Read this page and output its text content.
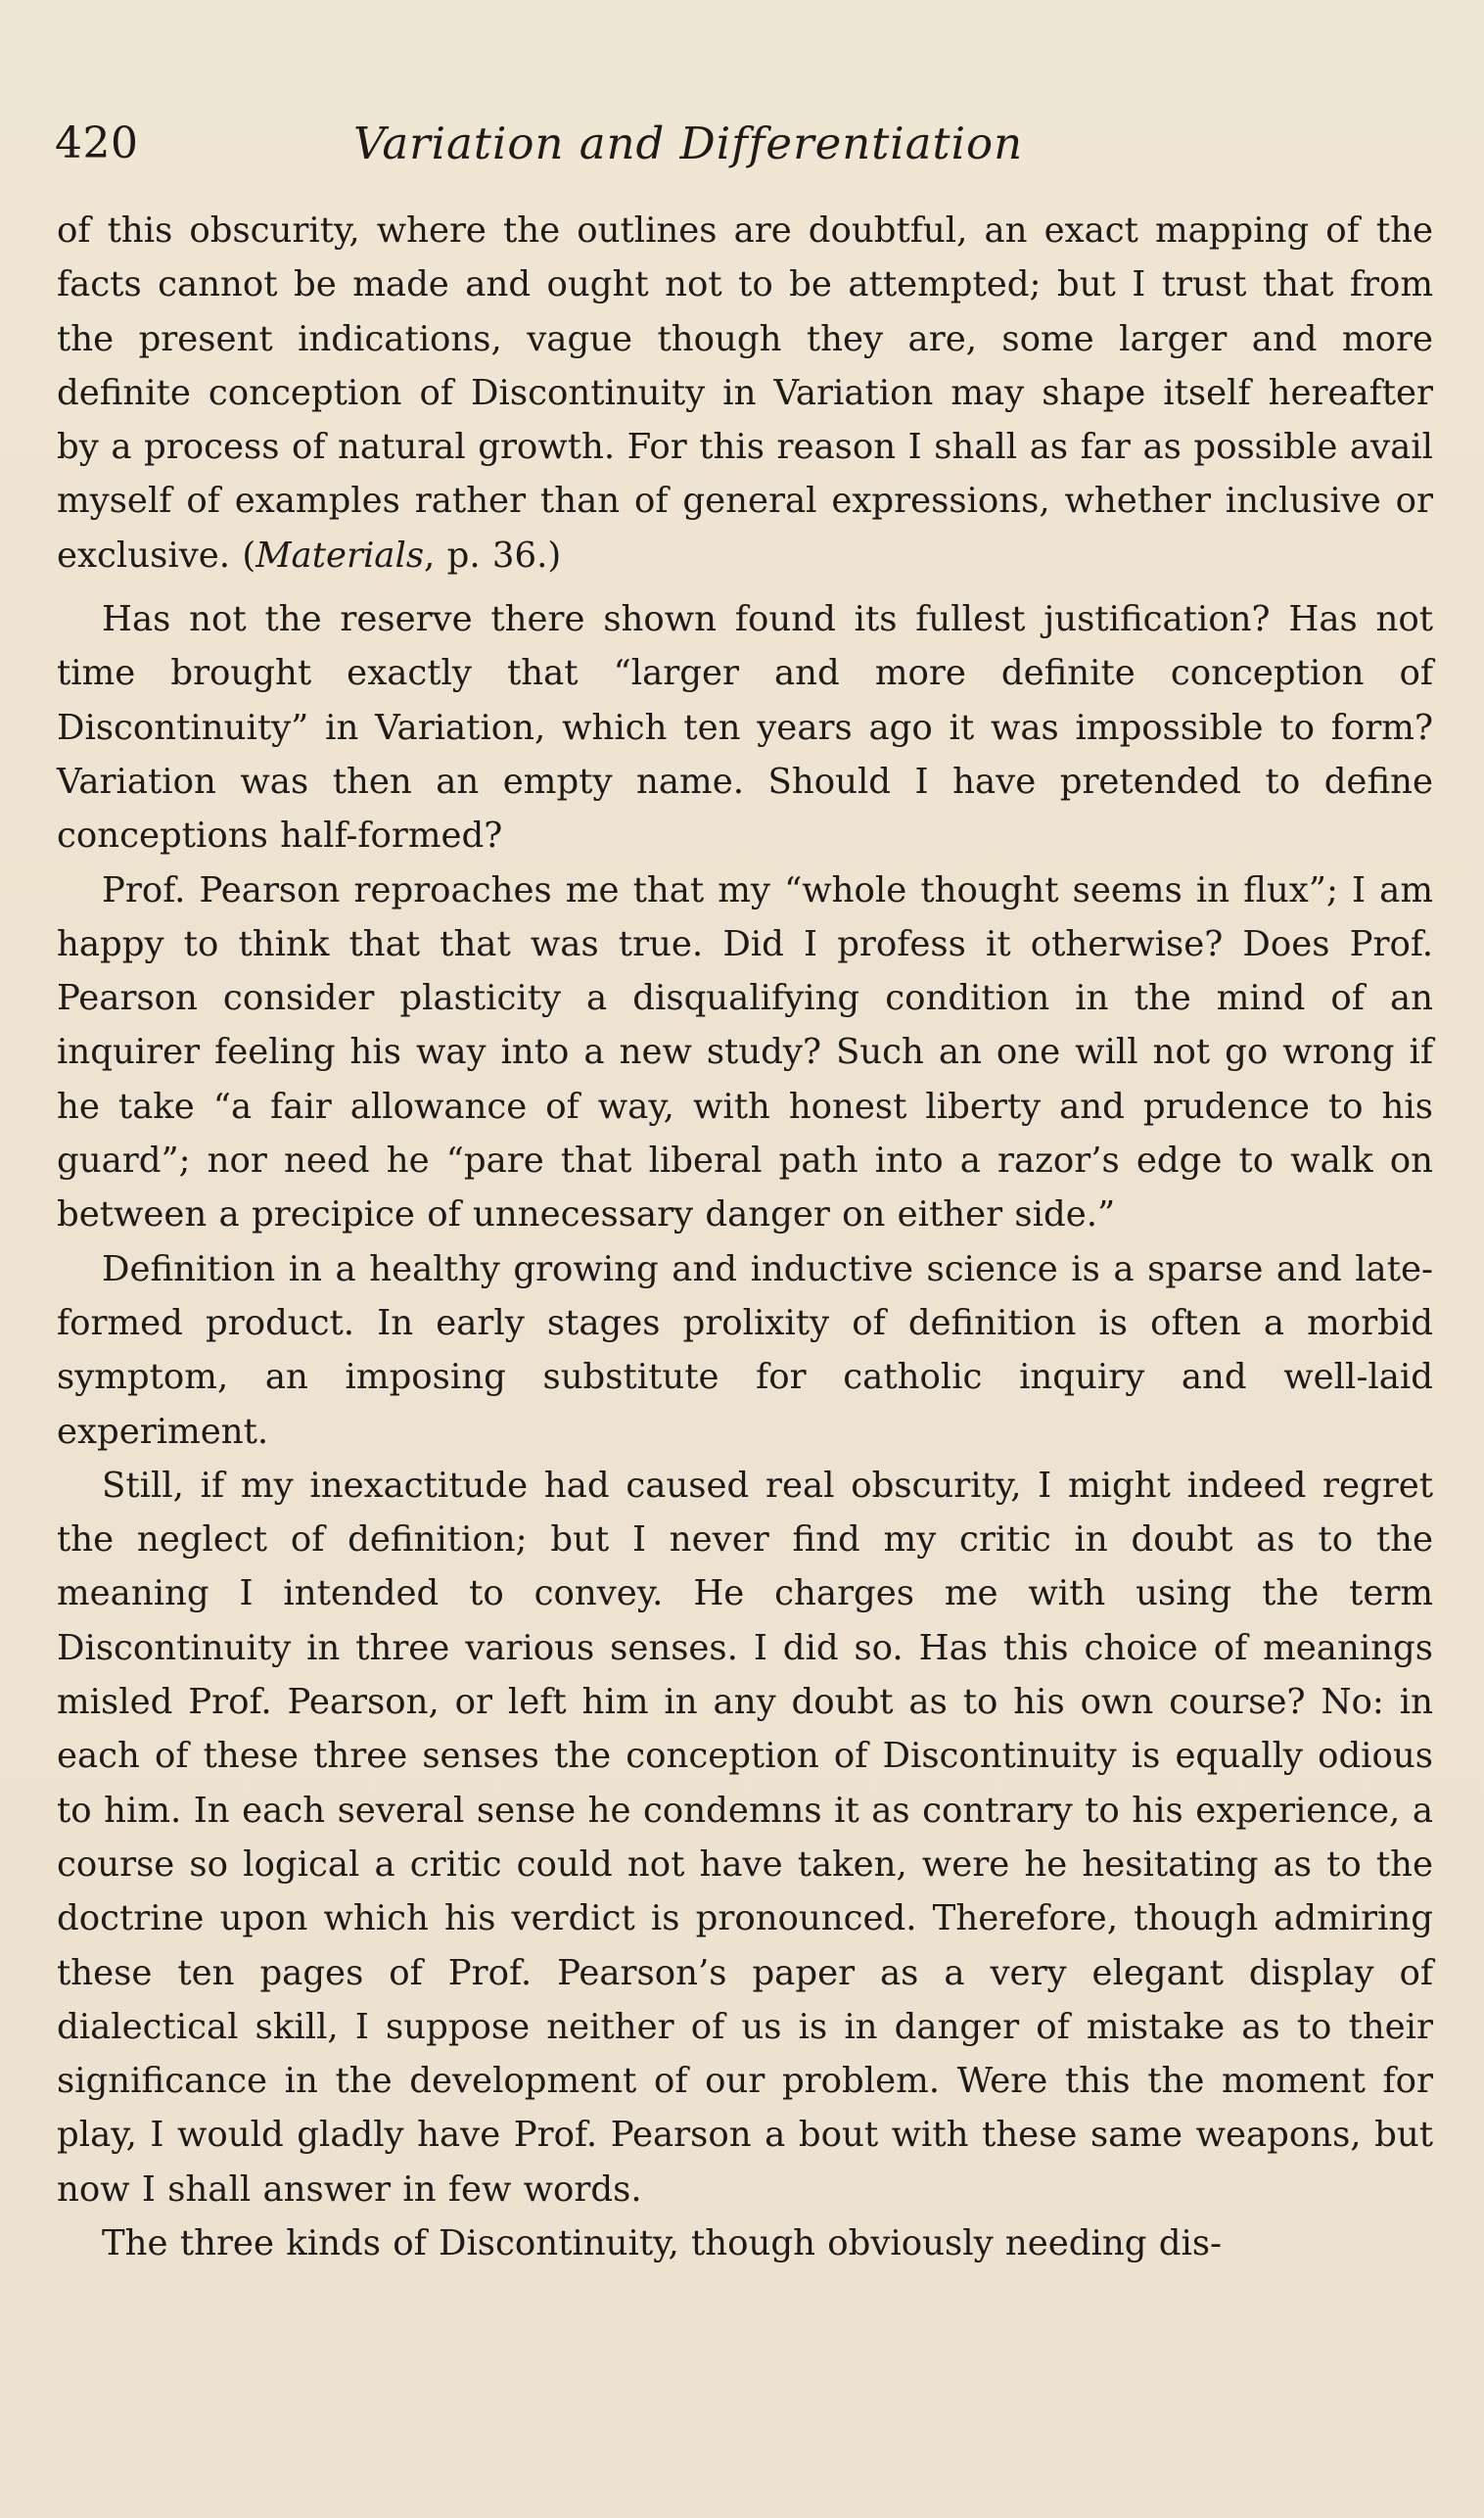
420	Variation and Differentiation

of this obscurity, where the outlines are doubtful, an exact mapping of the facts cannot be made and ought not to be attempted; but I trust that from the present indications, vague though they are, some larger and more definite conception of Discontinuity in Variation may shape itself hereafter by a process of natural growth. For this reason I shall as far as possible avail myself of examples rather than of general expressions, whether inclusive or exclusive. (Materials, p. 36.)

Has not the reserve there shown found its fullest justification? Has not time brought exactly that “larger and more definite conception of Discontinuity” in Variation, which ten years ago it was impossible to form? Variation was then an empty name. Should I have pretended to define conceptions half-formed?

Prof. Pearson reproaches me that my “whole thought seems in flux”; I am happy to think that that was true. Did I profess it otherwise? Does Prof. Pearson consider plasticity a disqualifying condition in the mind of an inquirer feeling his way into a new study? Such an one will not go wrong if he take “a fair allowance of way, with honest liberty and prudence to his guard”; nor need he “pare that liberal path into a razor’s edge to walk on between a precipice of unnecessary danger on either side.”

Definition in a healthy growing and inductive science is a sparse and late-formed product. In early stages prolixity of definition is often a morbid symptom, an imposing substitute for catholic inquiry and well-laid experiment.

Still, if my inexactitude had caused real obscurity, I might indeed regret the neglect of definition; but I never find my critic in doubt as to the meaning I intended to convey. He charges me with using the term Discontinuity in three various senses. I did so. Has this choice of meanings misled Prof. Pearson, or left him in any doubt as to his own course? No: in each of these three senses the conception of Discontinuity is equally odious to him. In each several sense he condemns it as contrary to his experience, a course so logical a critic could not have taken, were he hesitating as to the doctrine upon which his verdict is pronounced. Therefore, though admiring these ten pages of Prof. Pearson’s paper as a very elegant display of dialectical skill, I suppose neither of us is in danger of mistake as to their significance in the development of our problem. Were this the moment for play, I would gladly have Prof. Pearson a bout with these same weapons, but now I shall answer in few words.

The three kinds of Discontinuity, though obviously needing dis-
